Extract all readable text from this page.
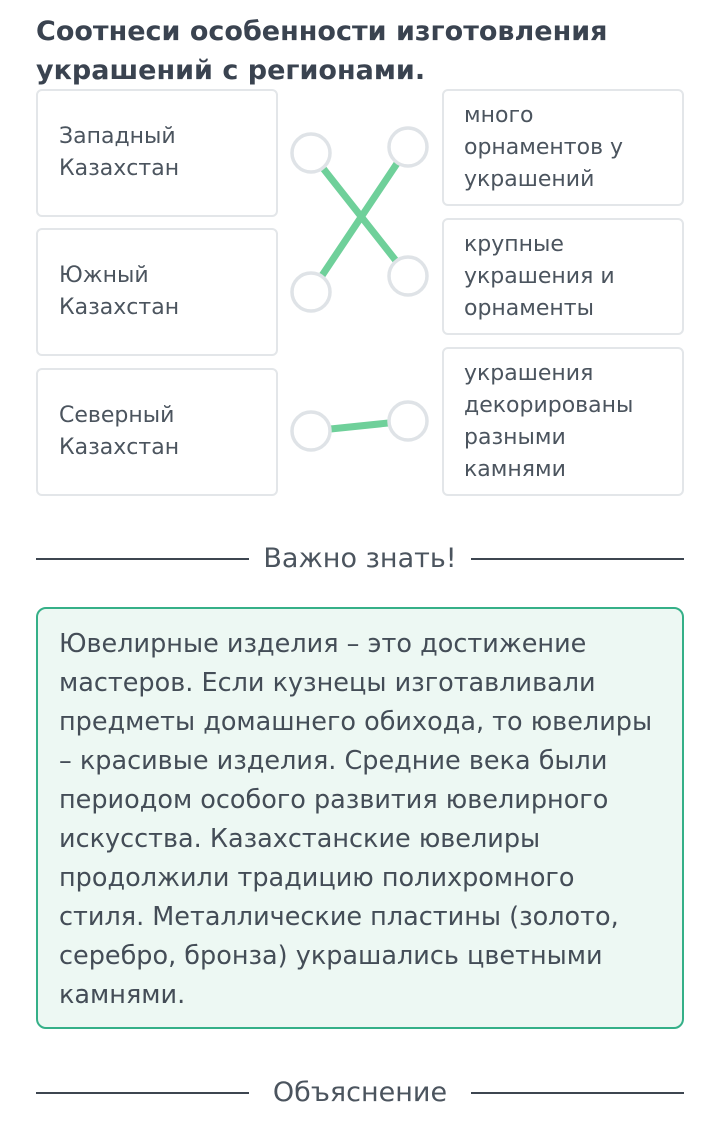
Соотнеси особенности изготовления украшений с регионами.
Западный
Казахстан
Южный
Казахстан
Северный
Казахстан
много
орнаментов у
украшений
крупные
украшения и
орнаменты
украшения
декорированы
разными
камнями
Важно знать!

Ювелирные изделия – это достижение мастеров. Если кузнецы изготавливали предметы домашнего обихода, то ювелиры – красивые изделия. Средние века были периодом особого развития ювелирного искусства. Казахстанские ювелиры продолжили традицию полихромного стиля. Металлические пластины (золото, серебро, бронза) украшались цветными камнями.

Объяснение
